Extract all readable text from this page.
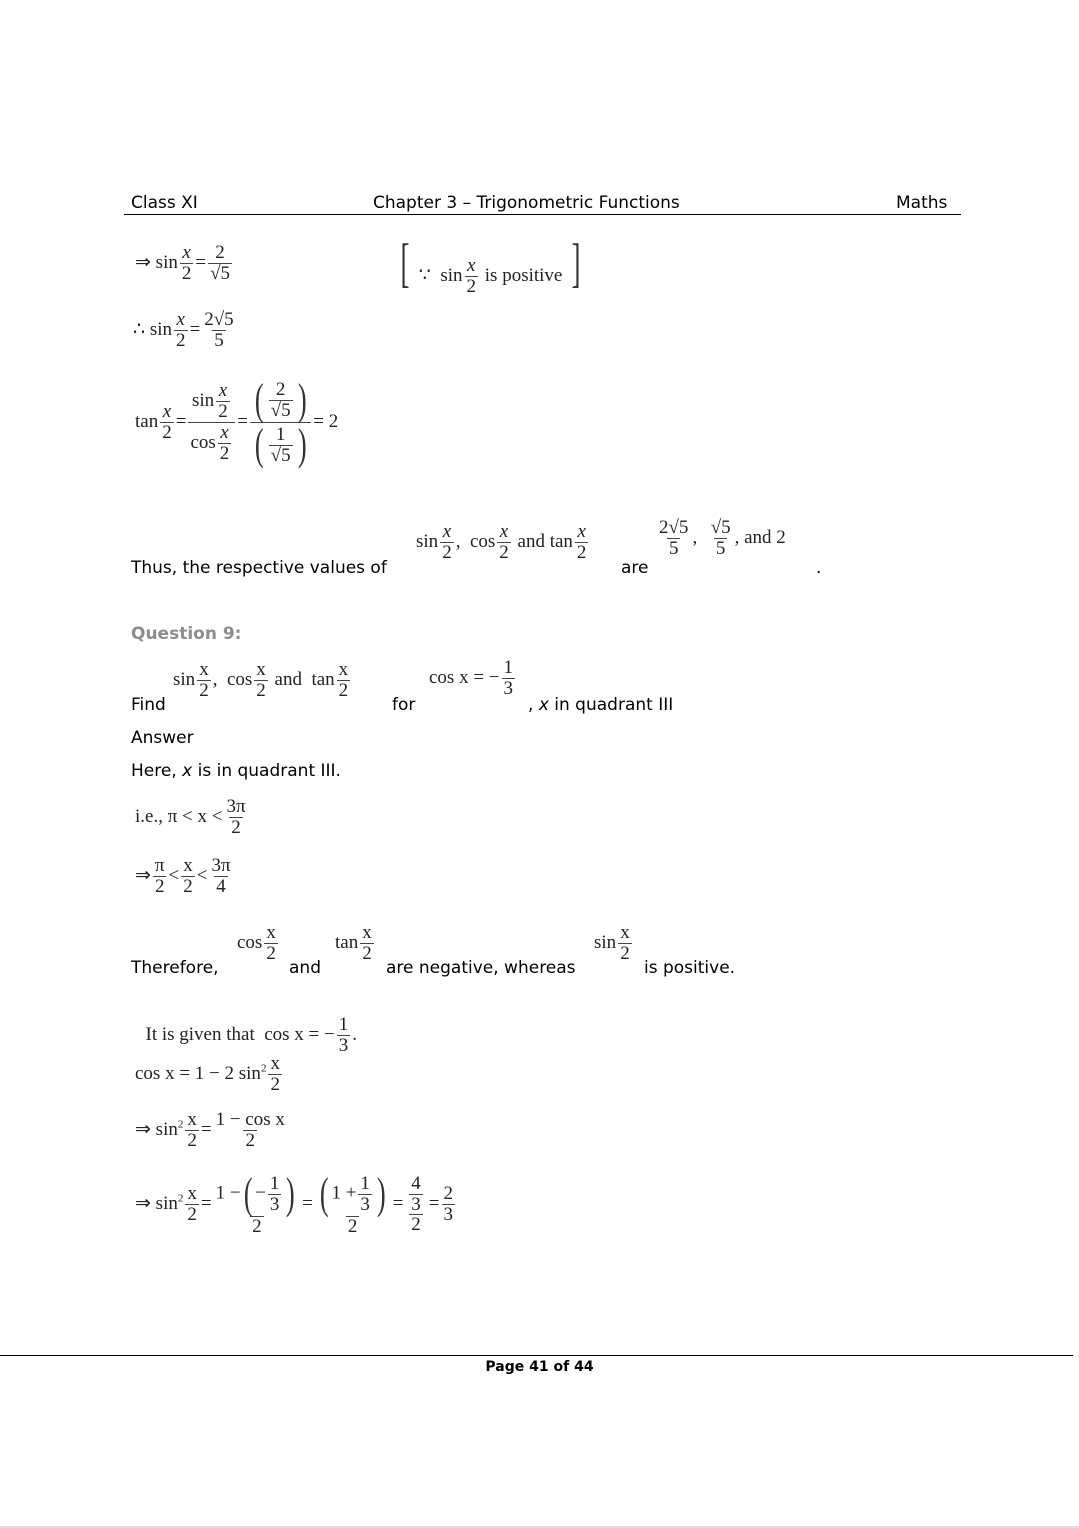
Class XI	Chapter 3 – Trigonometric Functions	Maths
⇒ $\sin \frac{x}{2} = \frac{2}{√5}$	[ ∵ $\sin \frac{x}{2}$ is positive ]
∴ $\sin \frac{x}{2} = \frac{2√5}{5}$
$\tan \frac{x}{2} = \frac{\sin \frac{x}{2}}{\cos \frac{x}{2}} = \frac{( \frac{2}{√5} )}{( \frac{1}{√5} )} = 2$
Thus, the respective values of
$\sin \frac{x}{2}$ ,  $\cos \frac{x}{2}$ and $\tan \frac{x}{2}$
are
$\frac{2√5}{5}$ , $\frac{√5}{5}$ , and 2
.
Question 9:
Find
$\sin \frac{x}{2}$ ,  $\cos \frac{x}{2}$ and $\tan \frac{x}{2}$
for
cos x = − $\frac{1}{3}$
, x in quadrant III
Answer
Here, x is in quadrant III.
i.e., $\pi < x < \frac{3\pi}{2}$
⇒ $\frac{\pi}{2} < \frac{x}{2} < \frac{3\pi}{4}$
Therefore,
$\cos \frac{x}{2}$
and
$\tan \frac{x}{2}$
are negative, whereas
$\sin \frac{x}{2}$
is positive.

It is given that  cos x = − $\frac{1}{3}$ .

cos x = 1 − 2 $\sin^2 \frac{x}{2}$
⇒ $\sin^2 \frac{x}{2} = \frac{\text{1 − cos x}}{2}$
⇒ $\sin^2 \frac{x}{2} = \frac{1 -( - \frac{1}{3} )}{2} = \frac{( 1 + \frac{1}{3} )}{2} = \frac{\frac{4}{3}}{2} = \frac{2}{3}$
Page 41 of 44
